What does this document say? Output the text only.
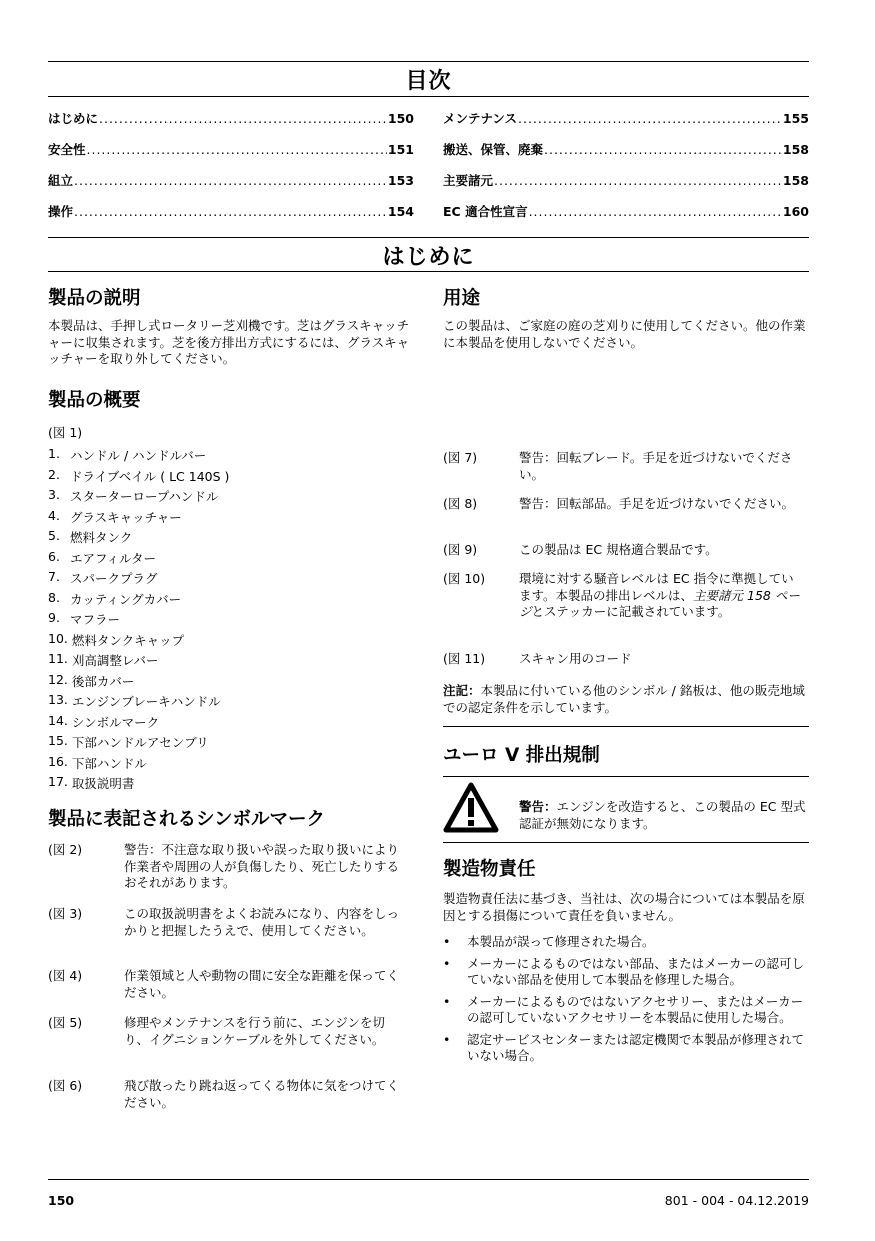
目次
はじめに .....	150
安全性 .....	151
組立 .....	153
操作 .....	154
メンテナンス .....	155
搬送、保管、廃棄 .....	158
主要諸元 .....	158
EC 適合性宣言 .....	160
はじめに
製品の説明

本製品は、手押し式ロータリー芝刈機です。芝はグラスキャッチャーに収集されます。芝を後方排出方式にするには、グラスキャッチャーを取り外してください。

製品の概要

(図 1)

1. ハンドル / ハンドルバー
2. ドライブベイル ( LC 140S )
3. スターターロープハンドル
4. グラスキャッチャー
5. 燃料タンク
6. エアフィルター
7. スパークプラグ
8. カッティングカバー
9. マフラー
10.
燃料タンクキャップ
11.
刈高調整レバー
12.
後部カバー
13.
エンジンブレーキハンドル
14.
シンボルマーク
15.
下部ハンドルアセンブリ
16.
下部ハンドル
17.
取扱説明書
製品に表記されるシンボルマーク
(図 2)	警告：不注意な取り扱いや誤った取り扱いにより作業者や周囲の人が負傷したり、死亡したりするおそれがあります。
(図 3)	この取扱説明書をよくお読みになり、内容をしっかりと把握したうえで、使用してください。
(図 4)	作業領域と人や動物の間に安全な距離を保ってください。
(図 5)	修理やメンテナンスを行う前に、エンジンを切り、イグニションケーブルを外してください。
(図 6)	飛び散ったり跳ね返ってくる物体に気をつけてください。
用途

この製品は、ご家庭の庭の芝刈りに使用してください。他の作業に本製品を使用しないでください。

(図 7)	警告：回転ブレード。手足を近づけないでください。
(図 8)	警告：回転部品。手足を近づけないでください。
(図 9)	この製品は EC 規格適合製品です。
(図 10)	環境に対する騒音レベルは EC 指令に準拠しています。本製品の排出レベルは、主要諸元 158 ページとステッカーに記載されています。
(図 11)	スキャン用のコード
注記：本製品に付いている他のシンボル / 銘板は、他の販売地域での認定条件を示しています。
ユーロ V 排出規制
警告：エンジンを改造すると、この製品の EC 型式認証が無効になります。
製造物責任

製造物責任法に基づき、当社は、次の場合については本製品を原因とする損傷について責任を負いません。

•	本製品が誤って修理された場合。
•	メーカーによるものではない部品、またはメーカーの認可していない部品を使用して本製品を修理した場合。
•	メーカーによるものではないアクセサリー、またはメーカーの認可していないアクセサリーを本製品に使用した場合。
•	認定サービスセンターまたは認定機関で本製品が修理されていない場合。
150	801 - 004 - 04.12.2019
